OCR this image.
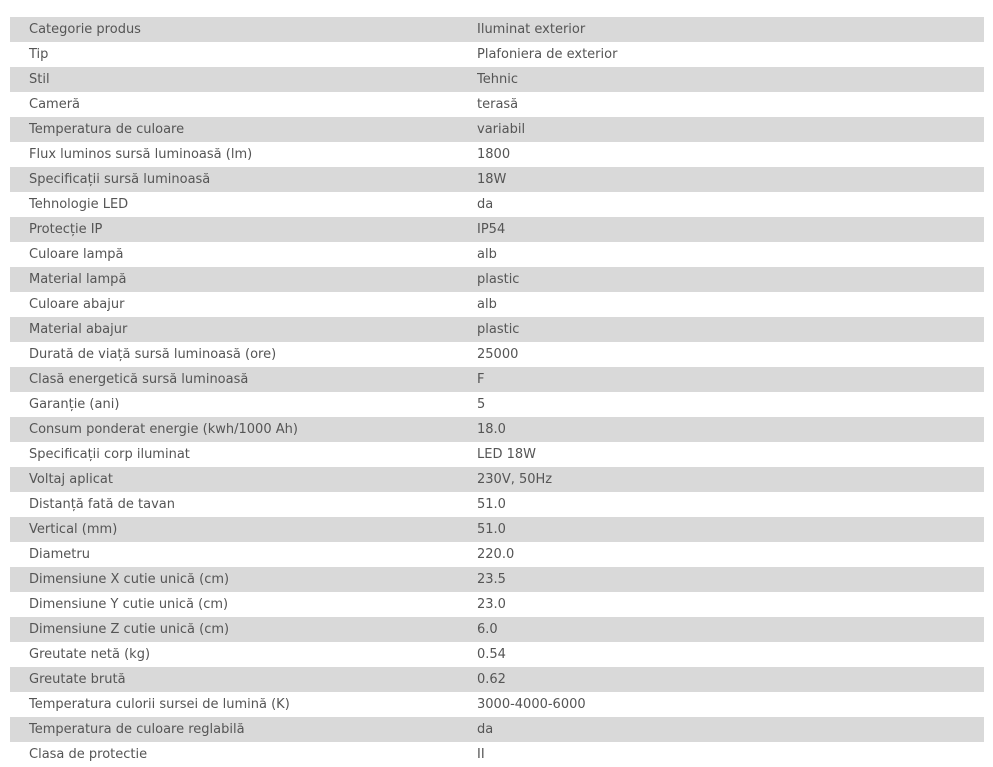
Categorie produs	Iluminat exterior
Tip	Plafoniera de exterior
Stil	Tehnic
Cameră	terasă
Temperatura de culoare	variabil
Flux luminos sursă luminoasă (lm)	1800
Specificații sursă luminoasă	18W
Tehnologie LED	da
Protecție IP	IP54
Culoare lampă	alb
Material lampă	plastic
Culoare abajur	alb
Material abajur	plastic
Durată de viață sursă luminoasă (ore)	25000
Clasă energetică sursă luminoasă	F
Garanție (ani)	5
Consum ponderat energie (kwh/1000 Ah)	18.0
Specificații corp iluminat	LED 18W
Voltaj aplicat	230V, 50Hz
Distanță fată de tavan	51.0
Vertical (mm)	51.0
Diametru	220.0
Dimensiune X cutie unică (cm)	23.5
Dimensiune Y cutie unică (cm)	23.0
Dimensiune Z cutie unică (cm)	6.0
Greutate netă (kg)	0.54
Greutate brută	0.62
Temperatura culorii sursei de lumină (K)	3000-4000-6000
Temperatura de culoare reglabilă	da
Clasa de protectie	II
